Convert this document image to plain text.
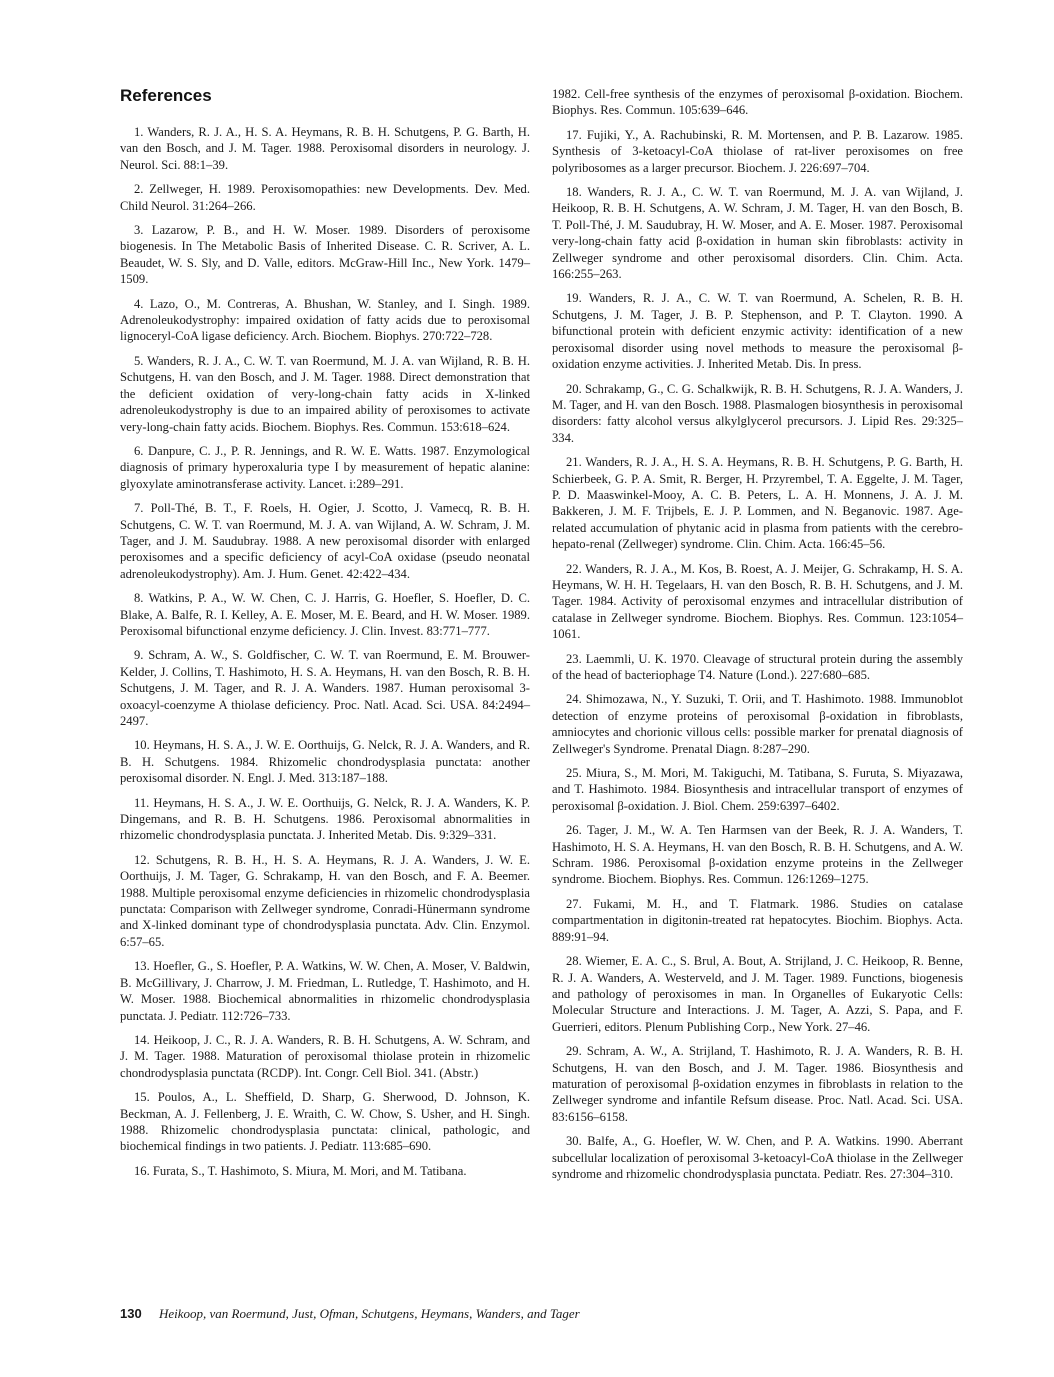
References

1. Wanders, R. J. A., H. S. A. Heymans, R. B. H. Schutgens, P. G. Barth, H. van den Bosch, and J. M. Tager. 1988. Peroxisomal disorders in neurology. J. Neurol. Sci. 88:1–39.

2. Zellweger, H. 1989. Peroxisomopathies: new Developments. Dev. Med. Child Neurol. 31:264–266.

3. Lazarow, P. B., and H. W. Moser. 1989. Disorders of peroxisome biogenesis. In The Metabolic Basis of Inherited Disease. C. R. Scriver, A. L. Beaudet, W. S. Sly, and D. Valle, editors. McGraw-Hill Inc., New York. 1479–1509.

4. Lazo, O., M. Contreras, A. Bhushan, W. Stanley, and I. Singh. 1989. Adrenoleukodystrophy: impaired oxidation of fatty acids due to peroxisomal lignoceryl-CoA ligase deficiency. Arch. Biochem. Biophys. 270:722–728.

5. Wanders, R. J. A., C. W. T. van Roermund, M. J. A. van Wijland, R. B. H. Schutgens, H. van den Bosch, and J. M. Tager. 1988. Direct demonstration that the deficient oxidation of very-long-chain fatty acids in X-linked adrenoleukodystrophy is due to an impaired ability of peroxisomes to activate very-long-chain fatty acids. Biochem. Biophys. Res. Commun. 153:618–624.

6. Danpure, C. J., P. R. Jennings, and R. W. E. Watts. 1987. Enzymological diagnosis of primary hyperoxaluria type I by measurement of hepatic alanine: glyoxylate aminotransferase activity. Lancet. i:289–291.

7. Poll-Thé, B. T., F. Roels, H. Ogier, J. Scotto, J. Vamecq, R. B. H. Schutgens, C. W. T. van Roermund, M. J. A. van Wijland, A. W. Schram, J. M. Tager, and J. M. Saudubray. 1988. A new peroxisomal disorder with enlarged peroxisomes and a specific deficiency of acyl-CoA oxidase (pseudo neonatal adrenoleukodystrophy). Am. J. Hum. Genet. 42:422–434.

8. Watkins, P. A., W. W. Chen, C. J. Harris, G. Hoefler, S. Hoefler, D. C. Blake, A. Balfe, R. I. Kelley, A. E. Moser, M. E. Beard, and H. W. Moser. 1989. Peroxisomal bifunctional enzyme deficiency. J. Clin. Invest. 83:771–777.

9. Schram, A. W., S. Goldfischer, C. W. T. van Roermund, E. M. Brouwer-Kelder, J. Collins, T. Hashimoto, H. S. A. Heymans, H. van den Bosch, R. B. H. Schutgens, J. M. Tager, and R. J. A. Wanders. 1987. Human peroxisomal 3-oxoacyl-coenzyme A thiolase deficiency. Proc. Natl. Acad. Sci. USA. 84:2494–2497.

10. Heymans, H. S. A., J. W. E. Oorthuijs, G. Nelck, R. J. A. Wanders, and R. B. H. Schutgens. 1984. Rhizomelic chondrodysplasia punctata: another peroxisomal disorder. N. Engl. J. Med. 313:187–188.

11. Heymans, H. S. A., J. W. E. Oorthuijs, G. Nelck, R. J. A. Wanders, K. P. Dingemans, and R. B. H. Schutgens. 1986. Peroxisomal abnormalities in rhizomelic chondrodysplasia punctata. J. Inherited Metab. Dis. 9:329–331.

12. Schutgens, R. B. H., H. S. A. Heymans, R. J. A. Wanders, J. W. E. Oorthuijs, J. M. Tager, G. Schrakamp, H. van den Bosch, and F. A. Beemer. 1988. Multiple peroxisomal enzyme deficiencies in rhizomelic chondrodysplasia punctata: Comparison with Zellweger syndrome, Conradi-Hünermann syndrome and X-linked dominant type of chondrodysplasia punctata. Adv. Clin. Enzymol. 6:57–65.

13. Hoefler, G., S. Hoefler, P. A. Watkins, W. W. Chen, A. Moser, V. Baldwin, B. McGillivary, J. Charrow, J. M. Friedman, L. Rutledge, T. Hashimoto, and H. W. Moser. 1988. Biochemical abnormalities in rhizomelic chondrodysplasia punctata. J. Pediatr. 112:726–733.

14. Heikoop, J. C., R. J. A. Wanders, R. B. H. Schutgens, A. W. Schram, and J. M. Tager. 1988. Maturation of peroxisomal thiolase protein in rhizomelic chondrodysplasia punctata (RCDP). Int. Congr. Cell Biol. 341. (Abstr.)

15. Poulos, A., L. Sheffield, D. Sharp, G. Sherwood, D. Johnson, K. Beckman, A. J. Fellenberg, J. E. Wraith, C. W. Chow, S. Usher, and H. Singh. 1988. Rhizomelic chondrodysplasia punctata: clinical, pathologic, and biochemical findings in two patients. J. Pediatr. 113:685–690.

16. Furata, S., T. Hashimoto, S. Miura, M. Mori, and M. Tatibana.

1982. Cell-free synthesis of the enzymes of peroxisomal β-oxidation. Biochem. Biophys. Res. Commun. 105:639–646.

17. Fujiki, Y., A. Rachubinski, R. M. Mortensen, and P. B. Lazarow. 1985. Synthesis of 3-ketoacyl-CoA thiolase of rat-liver peroxisomes on free polyribosomes as a larger precursor. Biochem. J. 226:697–704.

18. Wanders, R. J. A., C. W. T. van Roermund, M. J. A. van Wijland, J. Heikoop, R. B. H. Schutgens, A. W. Schram, J. M. Tager, H. van den Bosch, B. T. Poll-Thé, J. M. Saudubray, H. W. Moser, and A. E. Moser. 1987. Peroxisomal very-long-chain fatty acid β-oxidation in human skin fibroblasts: activity in Zellweger syndrome and other peroxisomal disorders. Clin. Chim. Acta. 166:255–263.

19. Wanders, R. J. A., C. W. T. van Roermund, A. Schelen, R. B. H. Schutgens, J. M. Tager, J. B. P. Stephenson, and P. T. Clayton. 1990. A bifunctional protein with deficient enzymic activity: identification of a new peroxisomal disorder using novel methods to measure the peroxisomal β-oxidation enzyme activities. J. Inherited Metab. Dis. In press.

20. Schrakamp, G., C. G. Schalkwijk, R. B. H. Schutgens, R. J. A. Wanders, J. M. Tager, and H. van den Bosch. 1988. Plasmalogen biosynthesis in peroxisomal disorders: fatty alcohol versus alkylglycerol precursors. J. Lipid Res. 29:325–334.

21. Wanders, R. J. A., H. S. A. Heymans, R. B. H. Schutgens, P. G. Barth, H. Schierbeek, G. P. A. Smit, R. Berger, H. Przyrembel, T. A. Eggelte, J. M. Tager, P. D. Maaswinkel-Mooy, A. C. B. Peters, L. A. H. Monnens, J. A. J. M. Bakkeren, J. M. F. Trijbels, E. J. P. Lommen, and N. Beganovic. 1987. Age-related accumulation of phytanic acid in plasma from patients with the cerebro-hepato-renal (Zellweger) syndrome. Clin. Chim. Acta. 166:45–56.

22. Wanders, R. J. A., M. Kos, B. Roest, A. J. Meijer, G. Schrakamp, H. S. A. Heymans, W. H. H. Tegelaars, H. van den Bosch, R. B. H. Schutgens, and J. M. Tager. 1984. Activity of peroxisomal enzymes and intracellular distribution of catalase in Zellweger syndrome. Biochem. Biophys. Res. Commun. 123:1054–1061.

23. Laemmli, U. K. 1970. Cleavage of structural protein during the assembly of the head of bacteriophage T4. Nature (Lond.). 227:680–685.

24. Shimozawa, N., Y. Suzuki, T. Orii, and T. Hashimoto. 1988. Immunoblot detection of enzyme proteins of peroxisomal β-oxidation in fibroblasts, amniocytes and chorionic villous cells: possible marker for prenatal diagnosis of Zellweger's Syndrome. Prenatal Diagn. 8:287–290.

25. Miura, S., M. Mori, M. Takiguchi, M. Tatibana, S. Furuta, S. Miyazawa, and T. Hashimoto. 1984. Biosynthesis and intracellular transport of enzymes of peroxisomal β-oxidation. J. Biol. Chem. 259:6397–6402.

26. Tager, J. M., W. A. Ten Harmsen van der Beek, R. J. A. Wanders, T. Hashimoto, H. S. A. Heymans, H. van den Bosch, R. B. H. Schutgens, and A. W. Schram. 1986. Peroxisomal β-oxidation enzyme proteins in the Zellweger syndrome. Biochem. Biophys. Res. Commun. 126:1269–1275.

27. Fukami, M. H., and T. Flatmark. 1986. Studies on catalase compartmentation in digitonin-treated rat hepatocytes. Biochim. Biophys. Acta. 889:91–94.

28. Wiemer, E. A. C., S. Brul, A. Bout, A. Strijland, J. C. Heikoop, R. Benne, R. J. A. Wanders, A. Westerveld, and J. M. Tager. 1989. Functions, biogenesis and pathology of peroxisomes in man. In Organelles of Eukaryotic Cells: Molecular Structure and Interactions. J. M. Tager, A. Azzi, S. Papa, and F. Guerrieri, editors. Plenum Publishing Corp., New York. 27–46.

29. Schram, A. W., A. Strijland, T. Hashimoto, R. J. A. Wanders, R. B. H. Schutgens, H. van den Bosch, and J. M. Tager. 1986. Biosynthesis and maturation of peroxisomal β-oxidation enzymes in fibroblasts in relation to the Zellweger syndrome and infantile Refsum disease. Proc. Natl. Acad. Sci. USA. 83:6156–6158.

30. Balfe, A., G. Hoefler, W. W. Chen, and P. A. Watkins. 1990. Aberrant subcellular localization of peroxisomal 3-ketoacyl-CoA thiolase in the Zellweger syndrome and rhizomelic chondrodysplasia punctata. Pediatr. Res. 27:304–310.

130 Heikoop, van Roermund, Just, Ofman, Schutgens, Heymans, Wanders, and Tager
